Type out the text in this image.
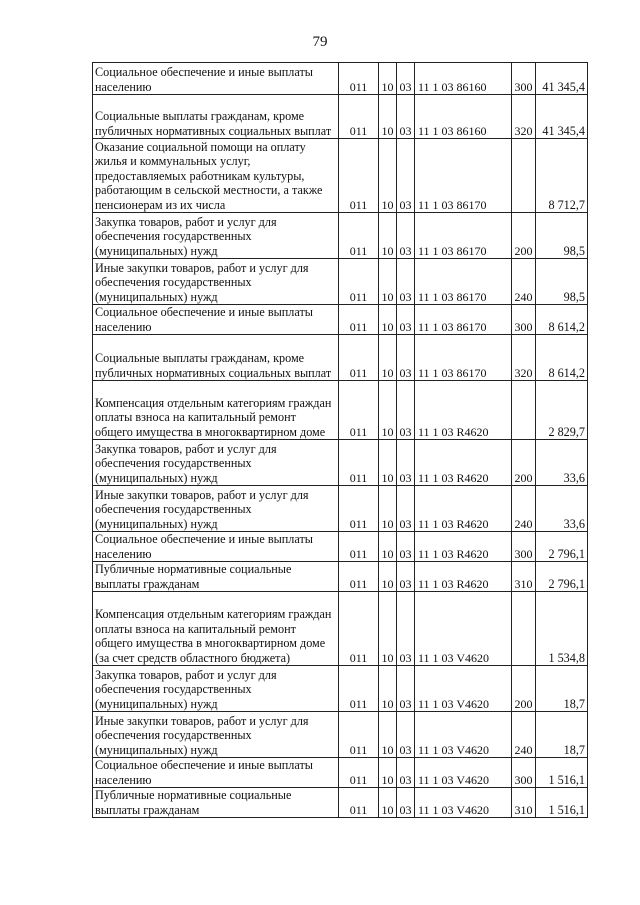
79
Социальное обеспечение и иные выплаты населению	011	10	03	11 1 03 86160	300	41 345,4
Социальные выплаты гражданам, кроме публичных нормативных социальных выплат	011	10	03	11 1 03 86160	320	41 345,4
Оказание социальной помощи на оплату жилья и коммунальных услуг, предоставляемых работникам культуры, работающим в сельской местности, а также пенсионерам из их числа	011	10	03	11 1 03 86170		8 712,7
Закупка товаров, работ и услуг для обеспечения государственных (муниципальных) нужд	011	10	03	11 1 03 86170	200	98,5
Иные закупки товаров, работ и услуг для обеспечения государственных (муниципальных) нужд	011	10	03	11 1 03 86170	240	98,5
Социальное обеспечение и иные выплаты населению	011	10	03	11 1 03 86170	300	8 614,2
Социальные выплаты гражданам, кроме публичных нормативных социальных выплат	011	10	03	11 1 03 86170	320	8 614,2
Компенсация отдельным категориям граждан оплаты взноса на капитальный ремонт общего имущества в многоквартирном доме	011	10	03	11 1 03 R4620		2 829,7
Закупка товаров, работ и услуг для обеспечения государственных (муниципальных) нужд	011	10	03	11 1 03 R4620	200	33,6
Иные закупки товаров, работ и услуг для обеспечения государственных (муниципальных) нужд	011	10	03	11 1 03 R4620	240	33,6
Социальное обеспечение и иные выплаты населению	011	10	03	11 1 03 R4620	300	2 796,1
Публичные нормативные социальные выплаты гражданам	011	10	03	11 1 03 R4620	310	2 796,1
Компенсация отдельным категориям граждан оплаты взноса на капитальный ремонт общего имущества в многоквартирном доме (за счет средств областного бюджета)	011	10	03	11 1 03 V4620		1 534,8
Закупка товаров, работ и услуг для обеспечения государственных (муниципальных) нужд	011	10	03	11 1 03 V4620	200	18,7
Иные закупки товаров, работ и услуг для обеспечения государственных (муниципальных) нужд	011	10	03	11 1 03 V4620	240	18,7
Социальное обеспечение и иные выплаты населению	011	10	03	11 1 03 V4620	300	1 516,1
Публичные нормативные социальные выплаты гражданам	011	10	03	11 1 03 V4620	310	1 516,1
